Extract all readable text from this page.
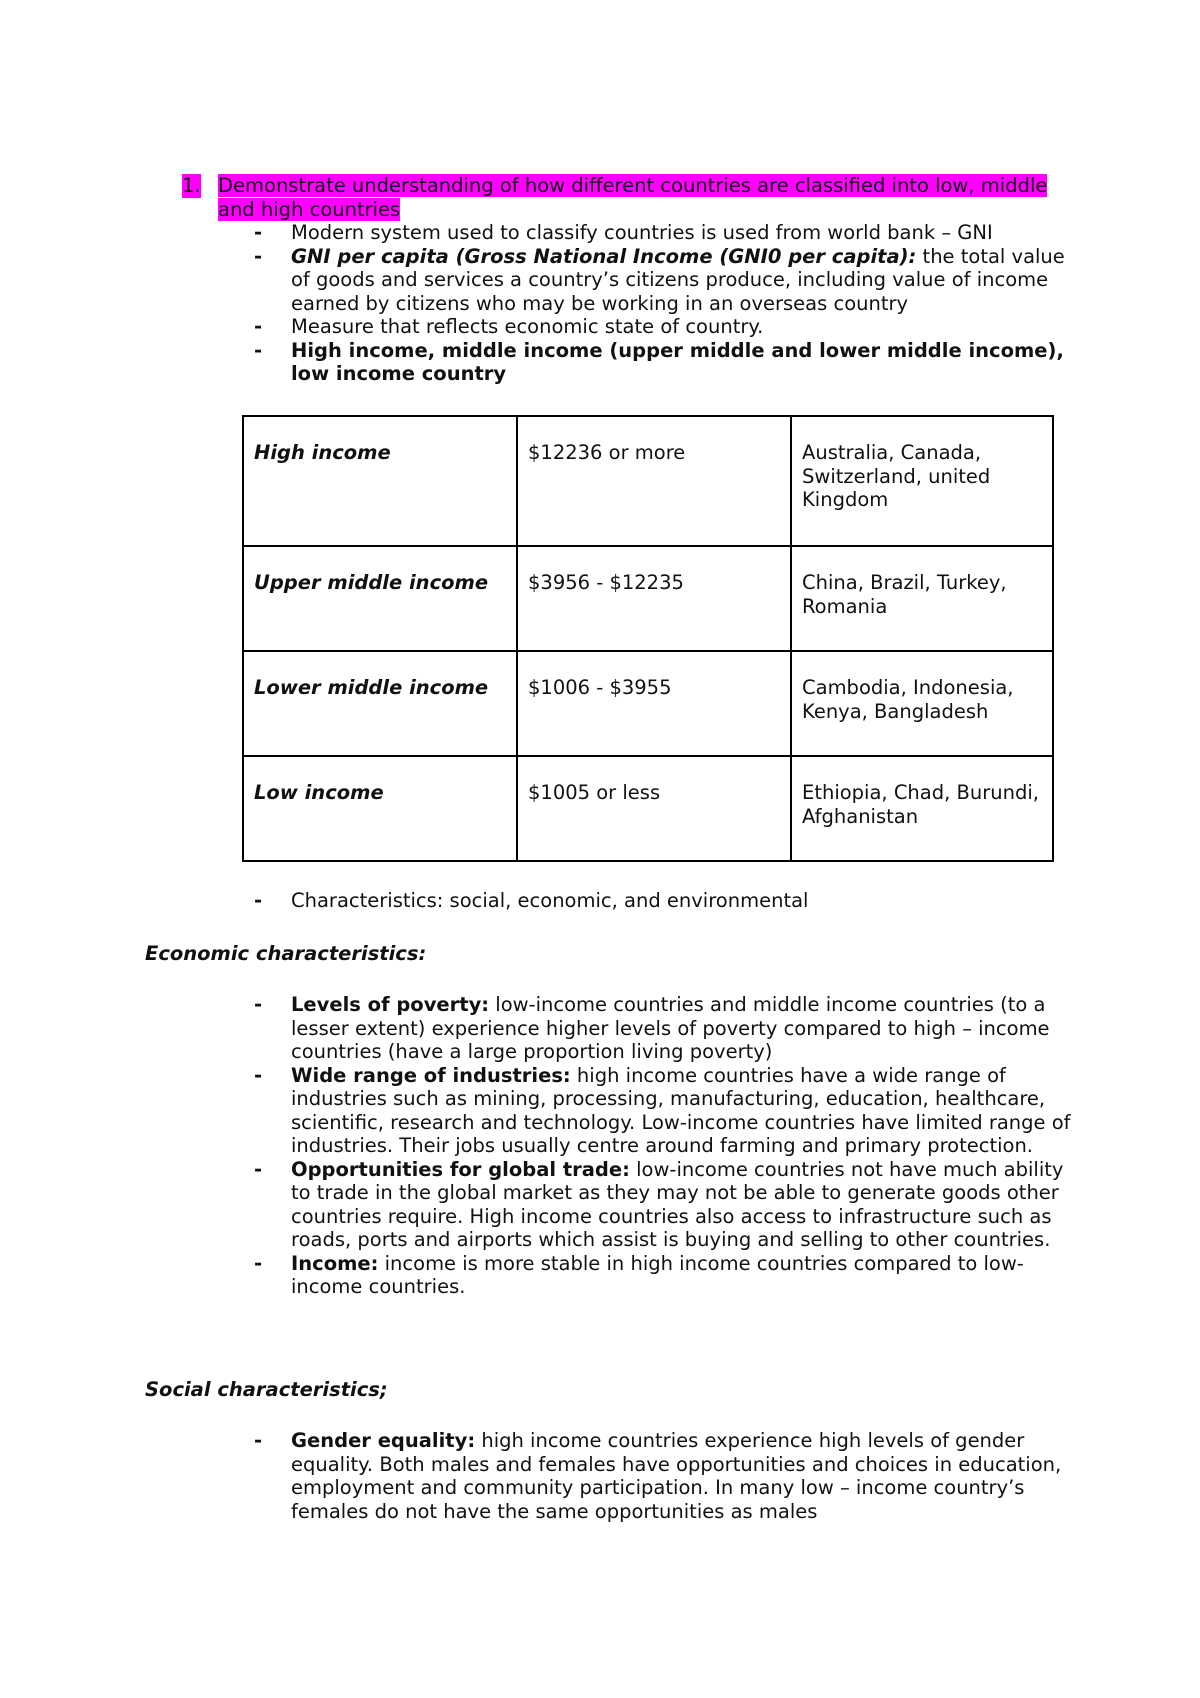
1. Demonstrate understanding of how different countries are classified into low, middle and high countries
- Modern system used to classify countries is used from world bank – GNI
- GNI per capita (Gross National Income (GNI0 per capita): the total value of goods and services a country’s citizens produce, including value of income earned by citizens who may be working in an overseas country
- Measure that reflects economic state of country.
- High income, middle income (upper middle and lower middle income), low income country
High income	$12236 or more	Australia, Canada, Switzerland, united Kingdom
Upper middle income	$3956 - $12235	China, Brazil, Turkey, Romania
Lower middle income	$1006 - $3955	Cambodia, Indonesia, Kenya, Bangladesh
Low income	$1005 or less	Ethiopia, Chad, Burundi, Afghanistan
- Characteristics: social, economic, and environmental
Economic characteristics:
- Levels of poverty: low-income countries and middle income countries (to a lesser extent) experience higher levels of poverty compared to high – income countries (have a large proportion living poverty)
- Wide range of industries: high income countries have a wide range of industries such as mining, processing, manufacturing, education, healthcare, scientific, research and technology. Low-income countries have limited range of industries. Their jobs usually centre around farming and primary protection.
- Opportunities for global trade: low-income countries not have much ability to trade in the global market as they may not be able to generate goods other countries require. High income countries also access to infrastructure such as roads, ports and airports which assist is buying and selling to other countries.
- Income: income is more stable in high income countries compared to low-income countries.
Social characteristics;
- Gender equality: high income countries experience high levels of gender equality. Both males and females have opportunities and choices in education, employment and community participation. In many low – income country’s females do not have the same opportunities as males
